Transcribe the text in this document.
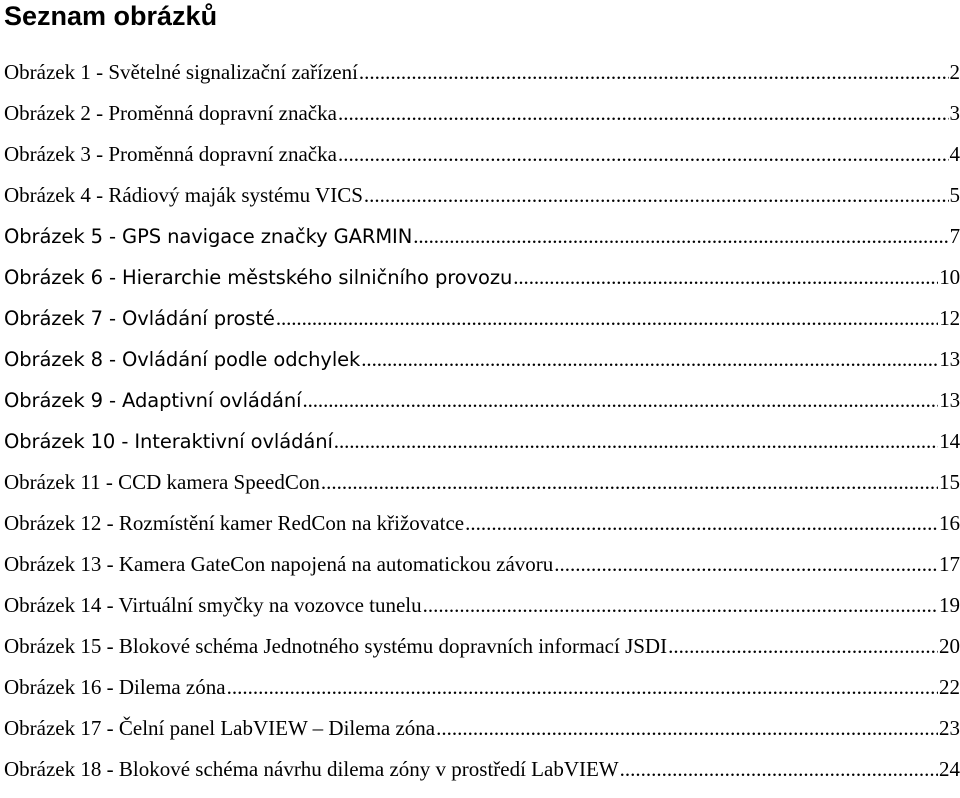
Seznam obrázků
Obrázek 1 - Světelné signalizační zařízení .....	2
Obrázek 2 - Proměnná dopravní značka .....	3
Obrázek 3 - Proměnná dopravní značka .....	4
Obrázek 4 - Rádiový maják systému VICS .....	5
Obrázek 5 - GPS navigace značky GARMIN .....	7
Obrázek 6 - Hierarchie městského silničního provozu .....	10
Obrázek 7 - Ovládání prosté .....	12
Obrázek 8 - Ovládání podle odchylek .....	13
Obrázek 9 - Adaptivní ovládání .....	13
Obrázek 10 - Interaktivní ovládání .....	14
Obrázek 11 - CCD kamera SpeedCon .....	15
Obrázek 12 - Rozmístění kamer RedCon na křižovatce .....	16
Obrázek 13 - Kamera GateCon napojená na automatickou závoru .....	17
Obrázek 14 - Virtuální smyčky na vozovce tunelu .....	19
Obrázek 15 - Blokové schéma Jednotného systému dopravních informací JSDI .....	20
Obrázek 16 - Dilema zóna .....	22
Obrázek 17 - Čelní panel LabVIEW – Dilema zóna .....	23
Obrázek 18 - Blokové schéma návrhu dilema zóny v prostředí LabVIEW .....	24
